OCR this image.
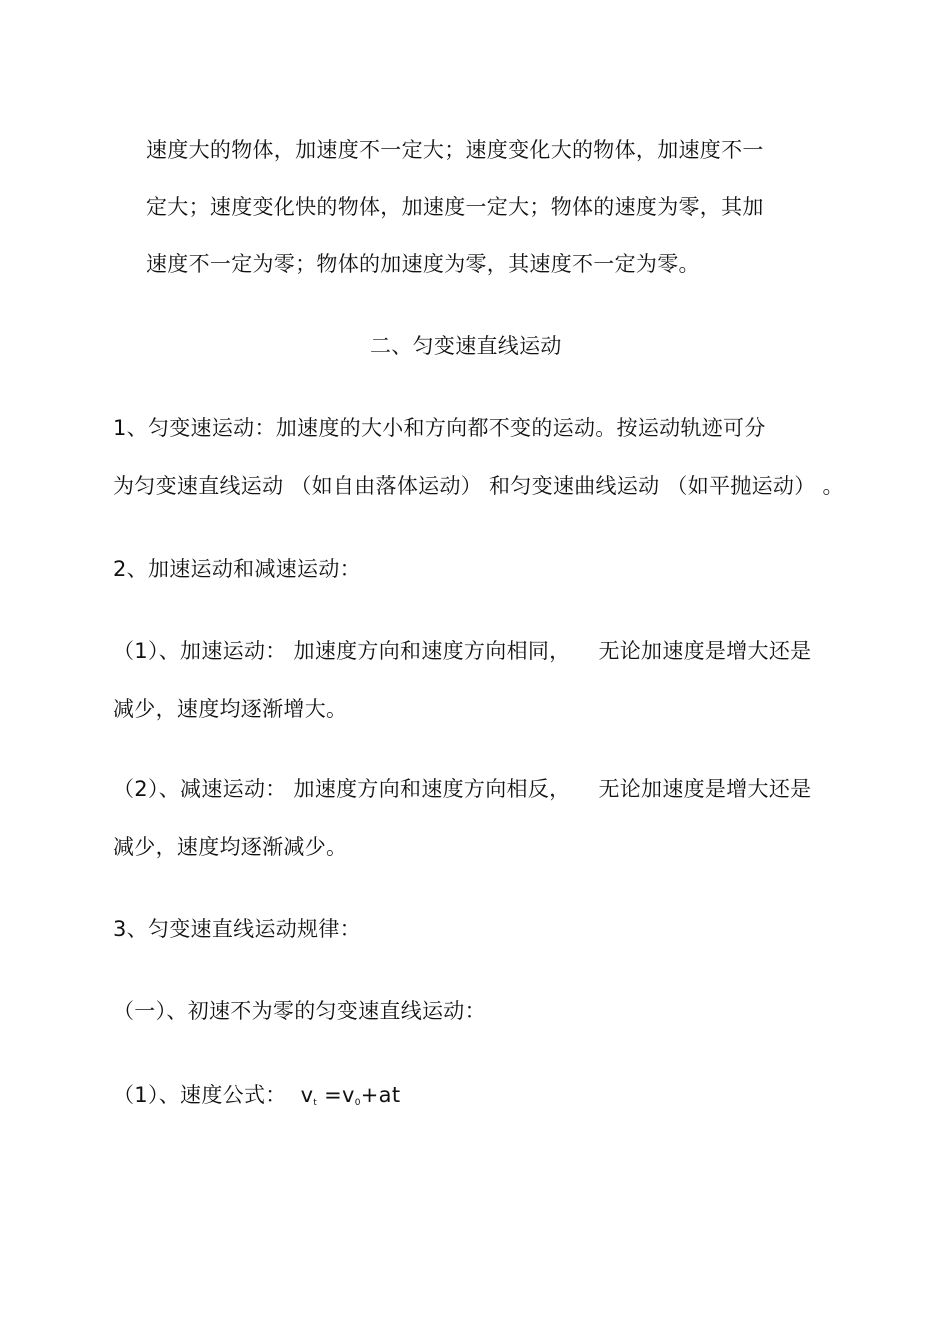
速度大的物体，加速度不一定大；速度变化大的物体，加速度不一
定大；速度变化快的物体，加速度一定大；物体的速度为零，其加
速度不一定为零；物体的加速度为零，其速度不一定为零。
二、匀变速直线运动
1、匀变速运动：加速度的大小和方向都不变的运动。按运动轨迹可分
为匀变速直线运动 （如自由落体运动） 和匀变速曲线运动 （如平抛运动） 。
2、加速运动和减速运动：
（1）、加速运动： 加速度方向和速度方向相同， 无论加速度是增大还是
减少，速度均逐渐增大。
（2）、减速运动： 加速度方向和速度方向相反， 无论加速度是增大还是
减少，速度均逐渐减少。
3、匀变速直线运动规律：
（一）、初速不为零的匀变速直线运动：
（1）、速度公式： vt =v0+at
